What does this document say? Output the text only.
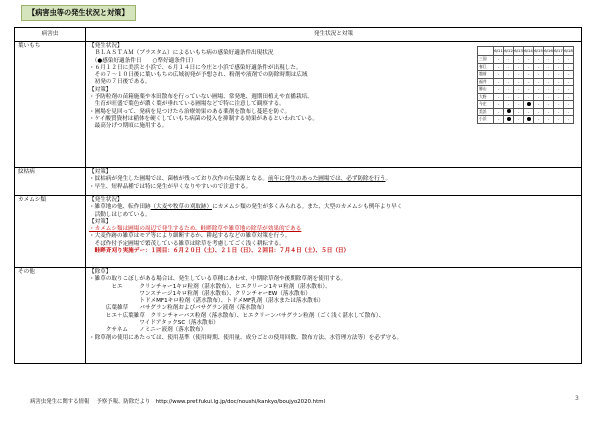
【病害虫等の発生状況と対策】
病害虫	発生状況と対策
葉いもち	【発生状況】
　ＢＬＡＳＴＡＭ（ブラスタム）によるいもち病の感染好適条件出現状況
　（●感染好適条件日　　○準好適条件日）
・６月１２日に美浜と小浜で、６月１４日に今庄と小浜で感染好適条件が出現した。
　その７〜１０日後に葉いもちの広域初発が予想され、粉剤や液剤での防除時期は広域
　初発の７日後である。
【対策】
・予防粒剤の苗箱施薬や本田散布を行っていない圃場、常発地、週期田植えや直播栽培、
　生育が旺盛で葉色が濃く葉が垂れている圃場などで特に注意して観察する。
・圃場を見回って、発病を見つけたら治療効果のある薬剤を散布し蔓延を防ぐ。
・ケイ酸質資材は稲体を硬くしていもち病菌の侵入を抑制する効果があるといわれている。
　最高分げつ期頃に施用する。
	6/11	6/12	6/13	6/14	6/15	6/16	6/17	6/18
三国	-	-	-	-	-	-	-	-
春江	-	-	-	-	-	-	-	-
越前	-	-	-	-	-	-	-	-
福井	-	-	-	-	-	-	-	-
勝山	-	-	-	-	-	-	-	-
大野	-	-	-	-	-	-	-	-
今庄	-	-	-		-	-	-	-
美浜	-		-	-	-	-	-	-
小浜	-		-		-	-	-	-

紋枯病	【対策】
・紋枯病が発生した圃場では、菌核が残っており次作の伝染源となる。前年に発生のあった圃場では、必ず防除を行う。
・早生、短稈品種では特に発生が早くなりやすいので注意する。

カメムシ類	【発生状況】
・雑草地の他、転作田跡（大麦や牧草の刈取跡）にカメムシ類の発生が多くみられる。また、大型のカメムシも例年より早く
　活動しはじめている。
【対策】
・カメムシ類は圃場の周辺で発生するため、畦畔除草や雑草地の除草が効果的である
・大麦作跡の雑草はモア等により細断するか、耕起するなどの雑草対策を行う。
　そば作付予定圃場で繁茂している雑草は除草を考慮してごく浅く耕耘する。
　畦畔斉刈り実施デー：１回目：６月２０日（土）、２１日（日）、２回目：７月４日（土）、５日（日）

その他	【除草】
・雑草の取りこぼしがある場合は、発生している草種にあわせ、中期除草剤や後期除草剤を使用する。
　　　　ヒエ　　　クリンチャー1キロ粒剤（湛水散布）、ヒエクリーン1キロ粒剤（湛水散布）、
　　　　　　　　　ワンステージ1キロ粒剤（湛水散布）、クリンチャーEW（落水散布）
　　　　　　　　　トドメMF1キロ粒剤（湛水散布）、トドメMF乳剤（湛水または落水散布）
　　　広葉雑草　　バサグラン粒剤およびバサグラン液剤（落水散布）
　　　ヒエ＋広葉雑草　クリンチャーバス粒剤（落水散布）、ヒエクリーンバサグラン粒剤（ごく浅く湛水して散布）、
　　　　　　　　　ワイドアタックSC（落水散布）
　　　クサネム　　ノミニー液剤（落水散布）
・除草剤の使用にあたっては、使用基準（使用時期、使用量、成分ごとの使用回数、散布方法、水管理方法等）を必ず守る。
病害虫発生に関する情報　 予察予報、防除だより　http://www.pref.fukui.lg.jp/doc/noushi/kankyo/boujyo2020.html	3
